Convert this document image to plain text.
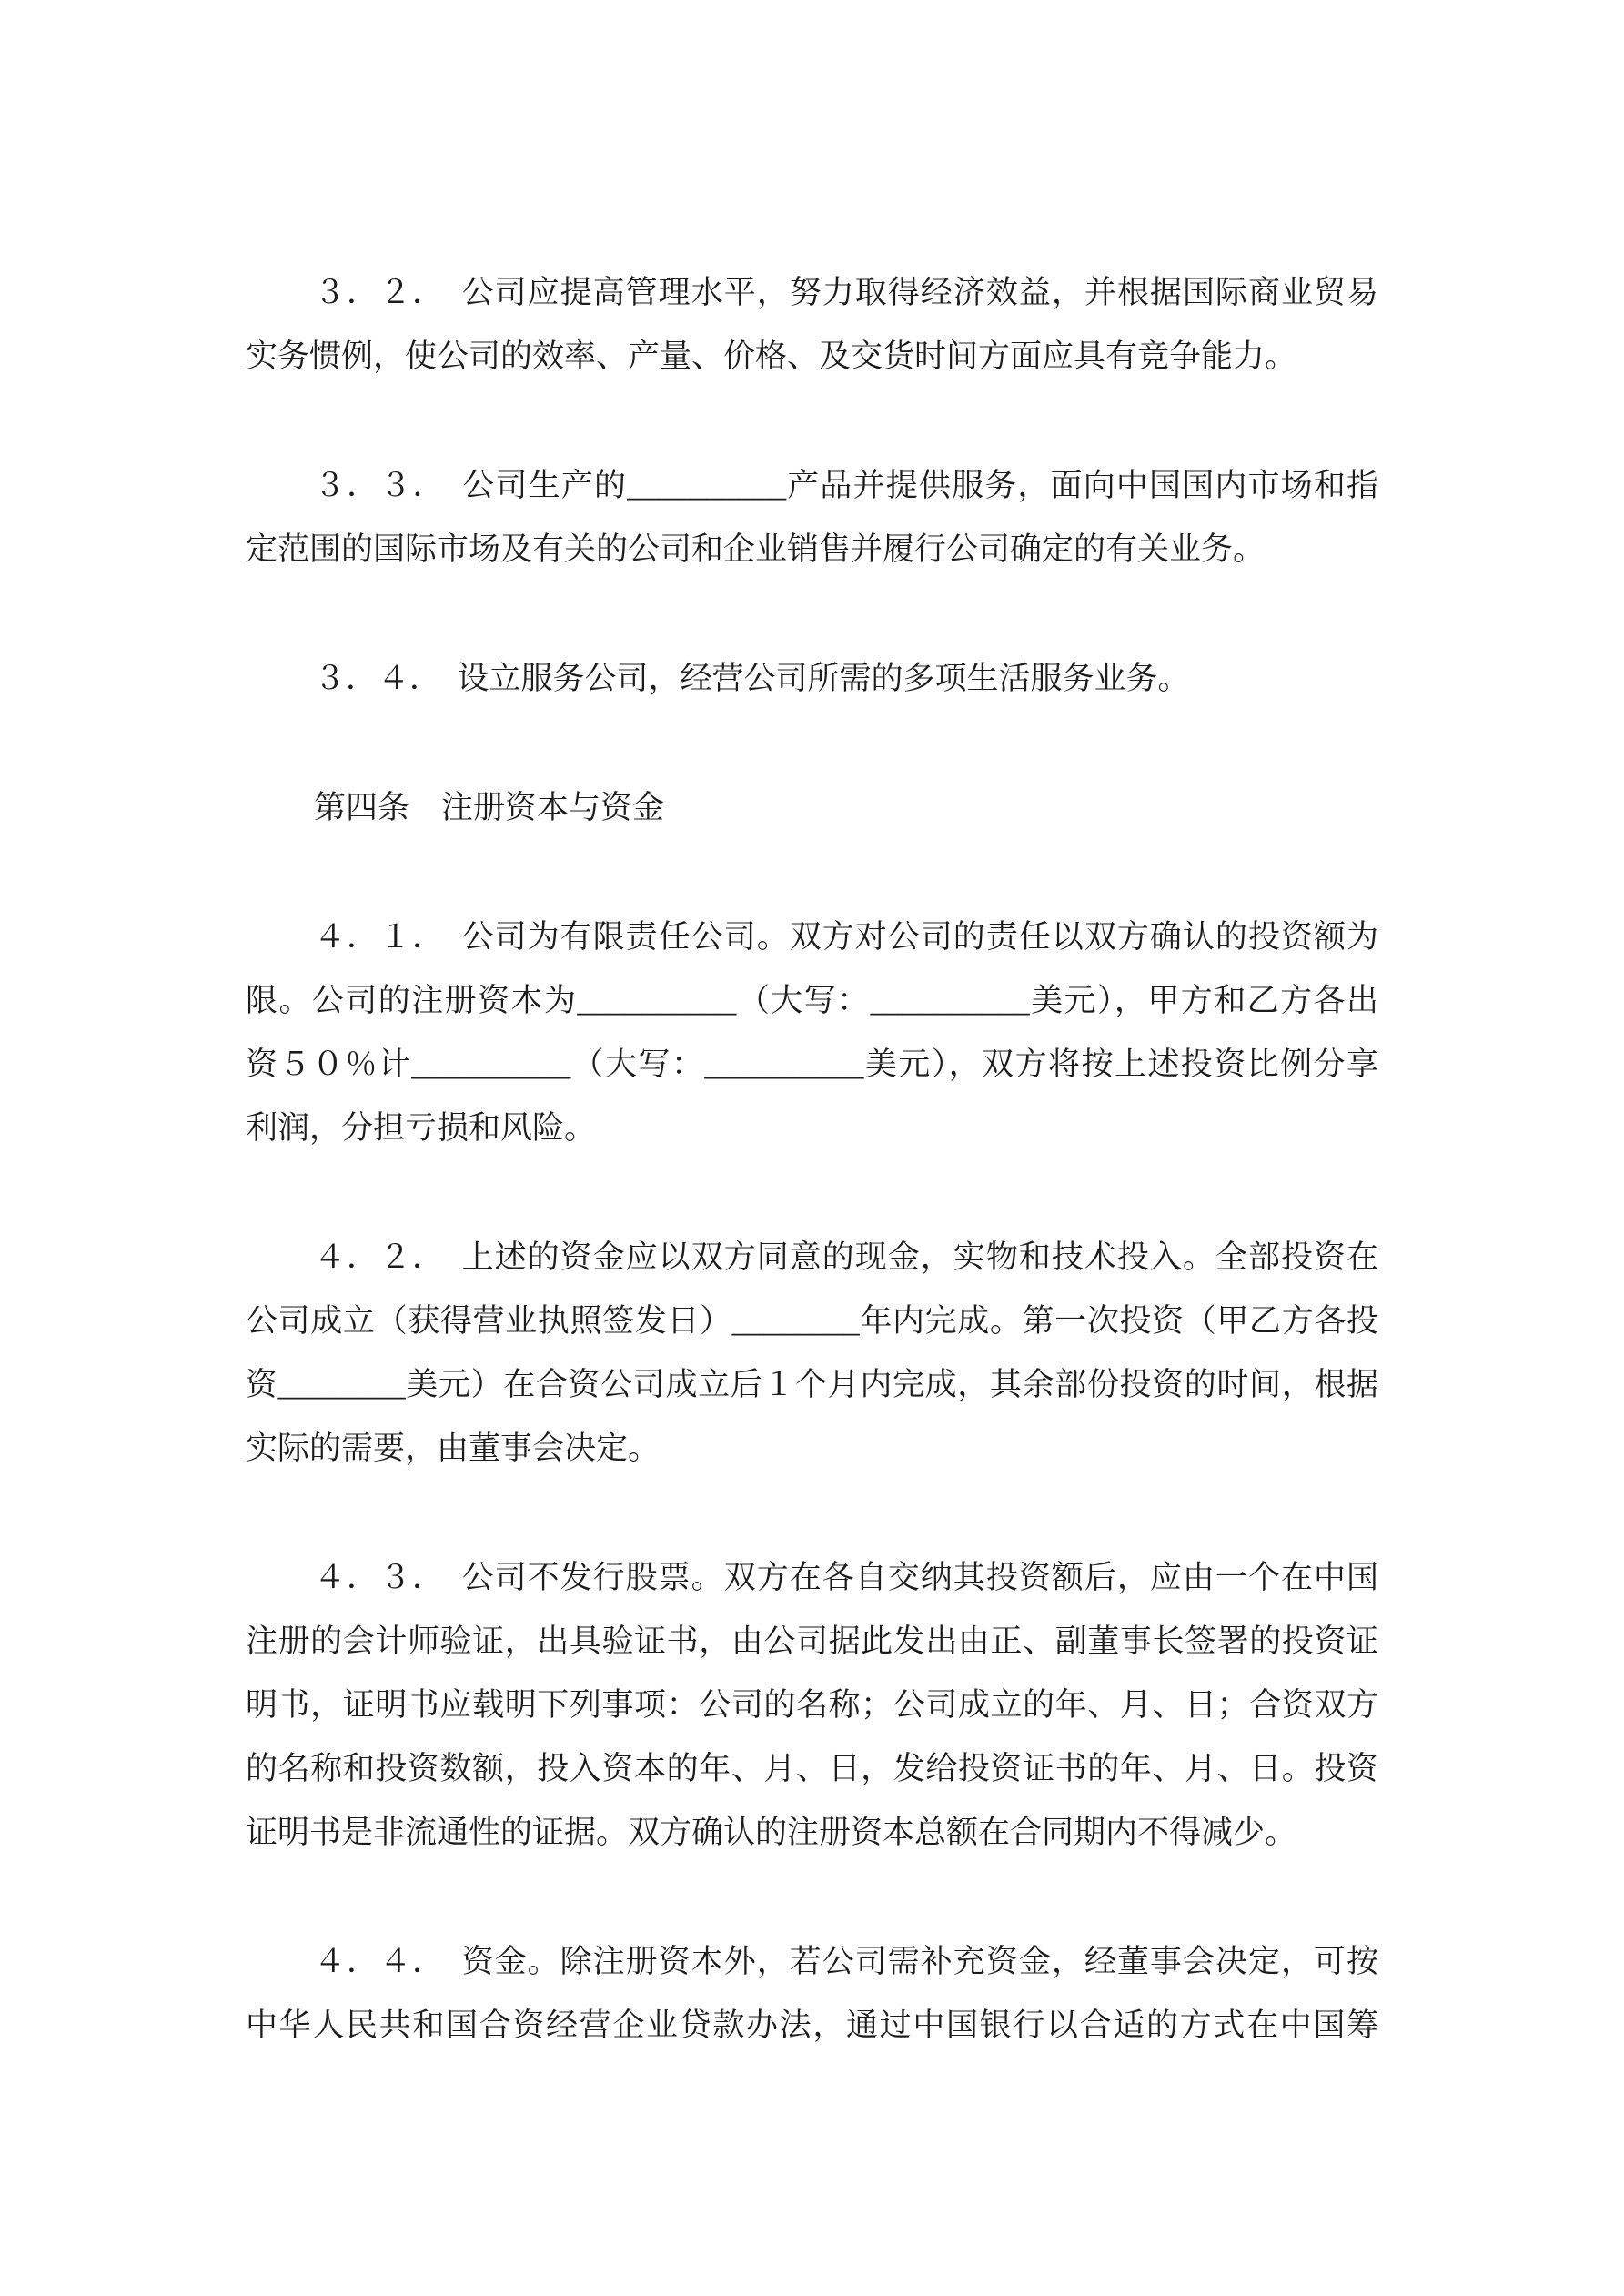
３．２．　公司应提高管理水平，努力取得经济效益，并根据国际商业贸易
实务惯例，使公司的效率、产量、价格、及交货时间方面应具有竞争能力。
３．３．　公司生产的__________产品并提供服务，面向中国国内市场和指
定范围的国际市场及有关的公司和企业销售并履行公司确定的有关业务。
３．４．　设立服务公司，经营公司所需的多项生活服务业务。
第四条　注册资本与资金
４．１．　公司为有限责任公司。双方对公司的责任以双方确认的投资额为
限。公司的注册资本为__________（大写：__________美元），甲方和乙方各出
资５０％计__________（大写：__________美元），双方将按上述投资比例分享
利润，分担亏损和风险。
４．２．　上述的资金应以双方同意的现金，实物和技术投入。全部投资在
公司成立（获得营业执照签发日）________年内完成。第一次投资（甲乙方各投
资________美元）在合资公司成立后１个月内完成，其余部份投资的时间，根据
实际的需要，由董事会决定。
４．３．　公司不发行股票。双方在各自交纳其投资额后，应由一个在中国
注册的会计师验证，出具验证书，由公司据此发出由正、副董事长签署的投资证
明书，证明书应载明下列事项：公司的名称；公司成立的年、月、日；合资双方
的名称和投资数额，投入资本的年、月、日，发给投资证书的年、月、日。投资
证明书是非流通性的证据。双方确认的注册资本总额在合同期内不得减少。
４．４．　资金。除注册资本外，若公司需补充资金，经董事会决定，可按
中华人民共和国合资经营企业贷款办法，通过中国银行以合适的方式在中国筹
